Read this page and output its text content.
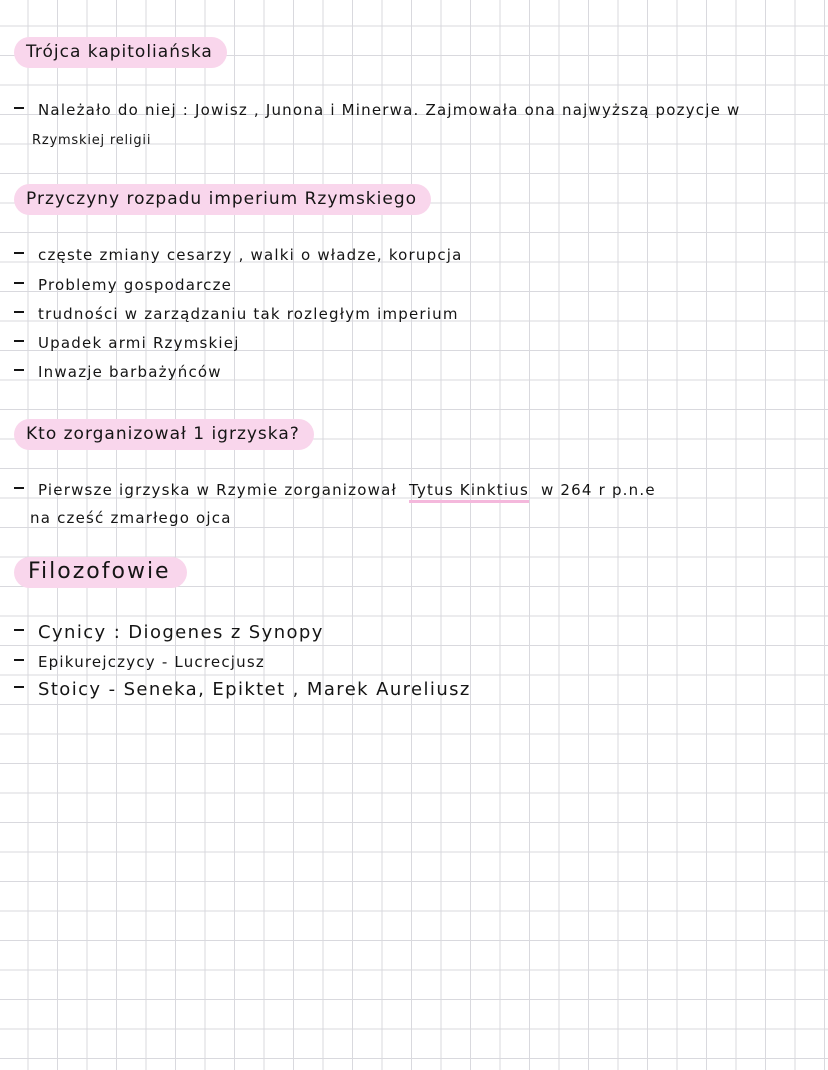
Trójca kapitoliańska
Należało do niej : Jowisz , Junona i Minerwa. Zajmowała ona najwyższą pozycje w
Rzymskiej religii
Przyczyny rozpadu imperium Rzymskiego
częste zmiany cesarzy , walki o władze, korupcja
Problemy gospodarcze
trudności w zarządzaniu tak rozległym imperium
Upadek armi Rzymskiej
Inwazje barbażyńców
Kto zorganizował 1 igrzyska?
Pierwsze igrzyska w Rzymie zorganizował Tytus Kinktius w 264 r p.n.e
na cześć zmarłego ojca
Filozofowie
Cynicy : Diogenes z Synopy
Epikurejczycy - Lucrecjusz
Stoicy - Seneka, Epiktet , Marek Aureliusz
